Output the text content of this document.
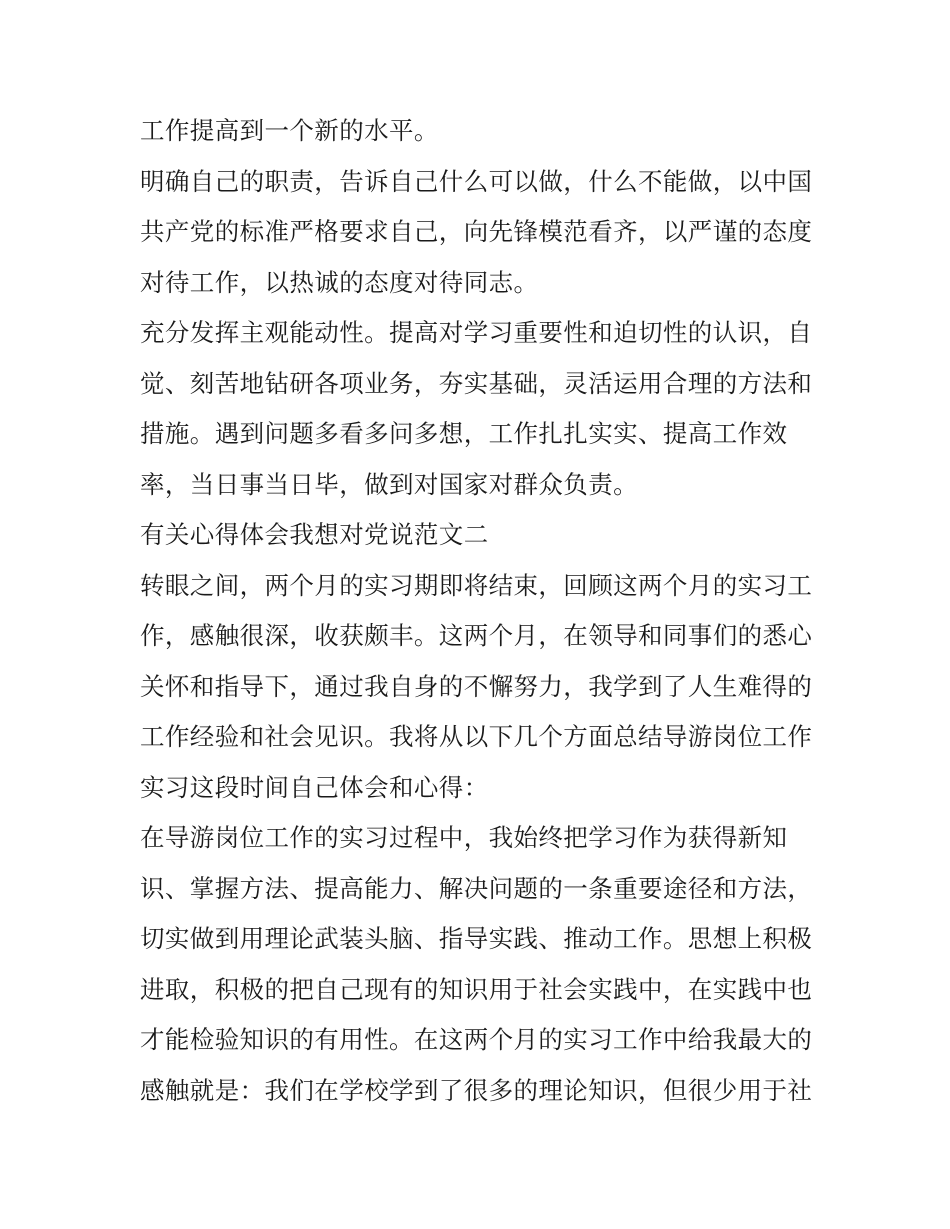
工作提高到一个新的水平。
明确自己的职责，告诉自己什么可以做，什么不能做，以中国
共产党的标准严格要求自己，向先锋模范看齐，以严谨的态度
对待工作，以热诚的态度对待同志。
充分发挥主观能动性。提高对学习重要性和迫切性的认识，自
觉、刻苦地钻研各项业务，夯实基础，灵活运用合理的方法和
措施。遇到问题多看多问多想，工作扎扎实实、提高工作效
率，当日事当日毕，做到对国家对群众负责。
有关心得体会我想对党说范文二
转眼之间，两个月的实习期即将结束，回顾这两个月的实习工
作，感触很深，收获颇丰。这两个月，在领导和同事们的悉心
关怀和指导下，通过我自身的不懈努力，我学到了人生难得的
工作经验和社会见识。我将从以下几个方面总结导游岗位工作
实习这段时间自己体会和心得：
在导游岗位工作的实习过程中，我始终把学习作为获得新知
识、掌握方法、提高能力、解决问题的一条重要途径和方法，
切实做到用理论武装头脑、指导实践、推动工作。思想上积极
进取，积极的把自己现有的知识用于社会实践中，在实践中也
才能检验知识的有用性。在这两个月的实习工作中给我最大的
感触就是：我们在学校学到了很多的理论知识，但很少用于社
